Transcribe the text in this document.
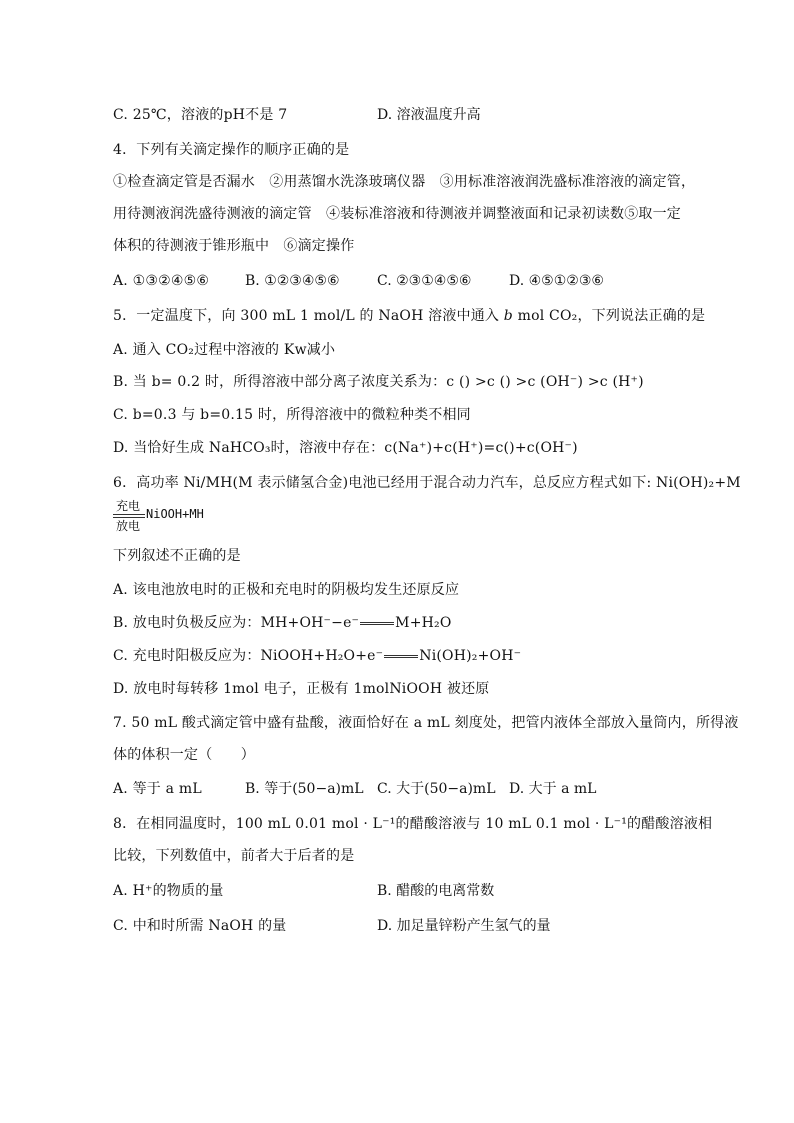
C. 25℃，溶液的pH不是 7	D. 溶液温度升高
4．下列有关滴定操作的顺序正确的是
①检查滴定管是否漏水　②用蒸馏水洗涤玻璃仪器　③用标准溶液润洗盛标准溶液的滴定管，
用待测液润洗盛待测液的滴定管　④装标准溶液和待测液并调整液面和记录初读数⑤取一定
体积的待测液于锥形瓶中　⑥滴定操作
A. ①③②④⑤⑥	B. ①②③④⑤⑥	C. ②③①④⑤⑥	D. ④⑤①②③⑥
5．一定温度下，向 300 mL 1 mol/L 的 NaOH 溶液中通入 b mol CO₂，下列说法正确的是
A. 通入 CO₂过程中溶液的 Kw减小
B. 当 b= 0.2 时，所得溶液中部分离子浓度关系为：c () >c () >c (OH⁻) >c (H⁺)
C. b=0.3 与 b=0.15 时，所得溶液中的微粒种类不相同
D. 当恰好生成 NaHCO₃时，溶液中存在：c(Na⁺)+c(H⁺)=c()+c(OH⁻)
6．高功率 Ni/MH(M 表示储氢合金)电池已经用于混合动力汽车，总反应方程式如下: Ni(OH)₂+M
充电
放电
NiOOH+MH
下列叙述不正确的是
A. 该电池放电时的正极和充电时的阴极均发生还原反应
B. 放电时负极反应为：MH+OH⁻−e⁻	M+H₂O
C. 充电时阳极反应为：NiOOH+H₂O+e⁻	Ni(OH)₂+OH⁻
D. 放电时每转移 1mol 电子，正极有 1molNiOOH 被还原
7. 50 mL 酸式滴定管中盛有盐酸，液面恰好在 a mL 刻度处，把管内液体全部放入量筒内，所得液
体的体积一定（　　）
A. 等于 a mL	B. 等于(50−a)mL C. 大于(50−a)mL D. 大于 a mL
8．在相同温度时，100 mL 0.01 mol · L⁻¹的醋酸溶液与 10 mL 0.1 mol · L⁻¹的醋酸溶液相
比较，下列数值中，前者大于后者的是
A. H⁺的物质的量	B. 醋酸的电离常数
C. 中和时所需 NaOH 的量	D. 加足量锌粉产生氢气的量
